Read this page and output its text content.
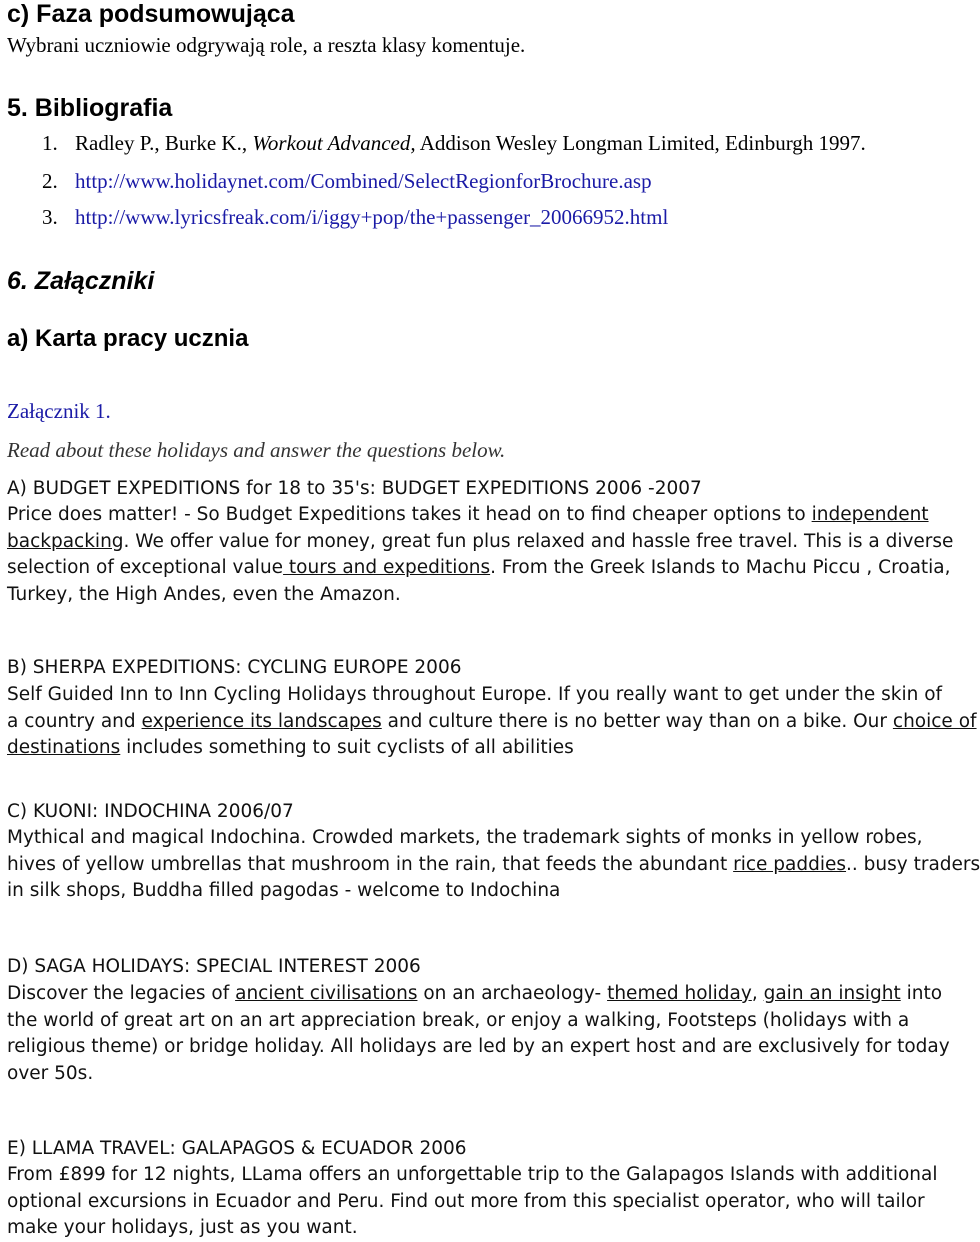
c) Faza podsumowująca

Wybrani uczniowie odgrywają role, a reszta klasy komentuje.

5. Bibliografia
1. Radley P., Burke K., Workout Advanced, Addison Wesley Longman Limited, Edinburgh 1997.
2. http://www.holidaynet.com/Combined/SelectRegionforBrochure.asp
3. http://www.lyricsfreak.com/i/iggy+pop/the+passenger_20066952.html
6. Załączniki
a) Karta pracy ucznia

Załącznik 1.

Read about these holidays and answer the questions below.

A) BUDGET EXPEDITIONS for 18 to 35's: BUDGET EXPEDITIONS 2006 -2007

Price does matter! - So Budget Expeditions takes it head on to find cheaper options to independent
backpacking. We offer value for money, great fun plus relaxed and hassle free travel. This is a diverse
selection of exceptional value tours and expeditions. From the Greek Islands to Machu Piccu , Croatia,
Turkey, the High Andes, even the Amazon.

B) SHERPA EXPEDITIONS: CYCLING EUROPE 2006

Self Guided Inn to Inn Cycling Holidays throughout Europe. If you really want to get under the skin of
a country and experience its landscapes and culture there is no better way than on a bike. Our choice of
destinations includes something to suit cyclists of all abilities

C) KUONI: INDOCHINA 2006/07

Mythical and magical Indochina. Crowded markets, the trademark sights of monks in yellow robes,
hives of yellow umbrellas that mushroom in the rain, that feeds the abundant rice paddies.. busy traders
in silk shops, Buddha filled pagodas - welcome to Indochina

D) SAGA HOLIDAYS: SPECIAL INTEREST 2006

Discover the legacies of ancient civilisations on an archaeology- themed holiday, gain an insight into
the world of great art on an art appreciation break, or enjoy a walking, Footsteps (holidays with a
religious theme) or bridge holiday. All holidays are led by an expert host and are exclusively for today
over 50s.

E) LLAMA TRAVEL: GALAPAGOS & ECUADOR 2006

From £899 for 12 nights, LLama offers an unforgettable trip to the Galapagos Islands with additional
optional excursions in Ecuador and Peru. Find out more from this specialist operator, who will tailor
make your holidays, just as you want.
